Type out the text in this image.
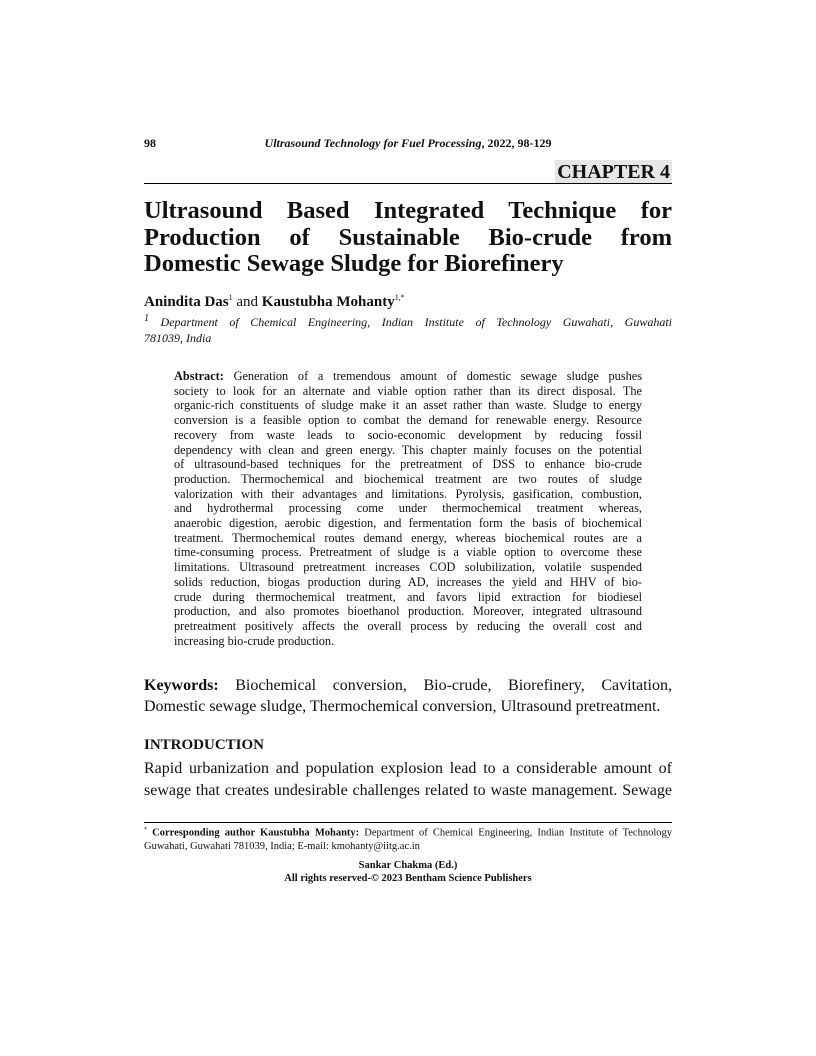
98	Ultrasound Technology for Fuel Processing, 2022, 98-129
CHAPTER 4
Ultrasound Based Integrated Technique for
Production of Sustainable Bio-crude from
Domestic Sewage Sludge for Biorefinery
Anindita Das$^1$ and Kaustubha Mohanty$^{1,*}$
$^1$ Department of Chemical Engineering, Indian Institute of Technology Guwahati, Guwahati
781039, India
Abstract: Generation of a tremendous amount of domestic sewage sludge pushes
society to look for an alternate and viable option rather than its direct disposal. The
organic-rich constituents of sludge make it an asset rather than waste. Sludge to energy
conversion is a feasible option to combat the demand for renewable energy. Resource
recovery from waste leads to socio-economic development by reducing fossil
dependency with clean and green energy. This chapter mainly focuses on the potential
of ultrasound-based techniques for the pretreatment of DSS to enhance bio-crude
production. Thermochemical and biochemical treatment are two routes of sludge
valorization with their advantages and limitations. Pyrolysis, gasification, combustion,
and hydrothermal processing come under thermochemical treatment whereas,
anaerobic digestion, aerobic digestion, and fermentation form the basis of biochemical
treatment. Thermochemical routes demand energy, whereas biochemical routes are a
time-consuming process. Pretreatment of sludge is a viable option to overcome these
limitations. Ultrasound pretreatment increases COD solubilization, volatile suspended
solids reduction, biogas production during AD, increases the yield and HHV of bio-
crude during thermochemical treatment, and favors lipid extraction for biodiesel
production, and also promotes bioethanol production. Moreover, integrated ultrasound
pretreatment positively affects the overall process by reducing the overall cost and
increasing bio-crude production.
Keywords: Biochemical conversion, Bio-crude, Biorefinery, Cavitation,
Domestic sewage sludge, Thermochemical conversion, Ultrasound pretreatment.
INTRODUCTION
Rapid urbanization and population explosion lead to a considerable amount of
sewage that creates undesirable challenges related to waste management. Sewage
* Corresponding author Kaustubha Mohanty: Department of Chemical Engineering, Indian Institute of Technology
Guwahati, Guwahati 781039, India; E-mail: kmohanty@iitg.ac.in
Sankar Chakma (Ed.)
All rights reserved-© 2023 Bentham Science Publishers
